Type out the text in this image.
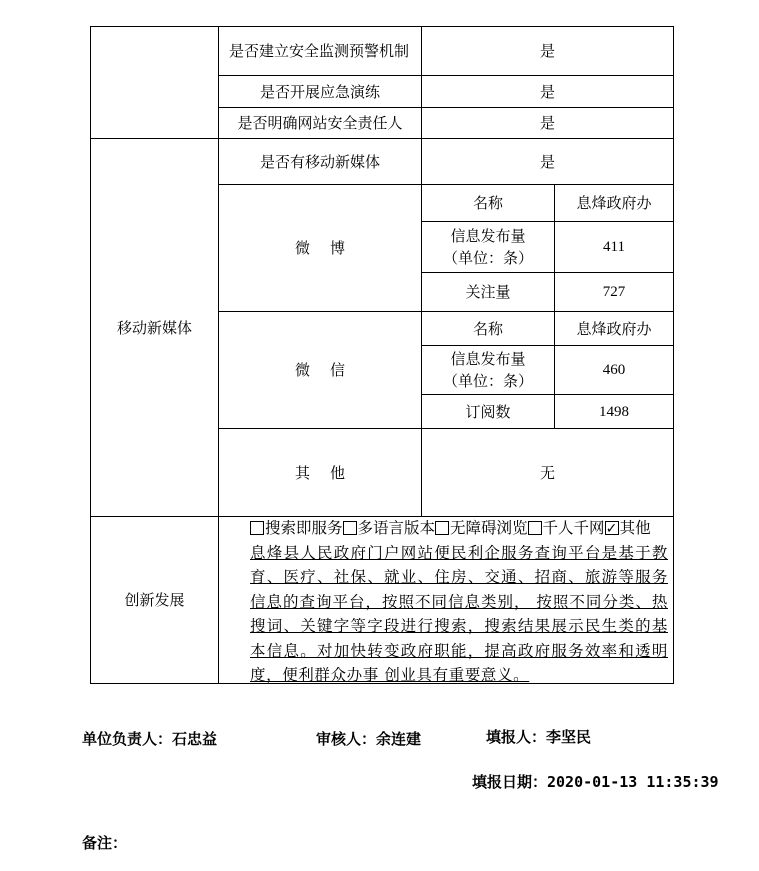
是否建立安全监测预警机制	是
是否开展应急演练	是
是否明确网站安全责任人	是
移动新媒体
是否有移动新媒体	是
微博
名称	息烽政府办
信息发布量
（单位：条）
411
关注量	727
微信
名称	息烽政府办
信息发布量
（单位：条）
460
订阅数	1498
其他	无
创新发展
搜索即服务 多语言版本 无障碍浏览 千人千网✓ 其他
息烽县人民政府门户网站便民利企服务查询平台是基于教育、医疗、社保、就业、住房、交通、招商、旅游等服务信息的查询平台，按照不同信息类别， 按照不同分类、热搜词、关键字等字段进行搜索，搜索结果展示民生类的基本信息。对加快转变政府职能，提高政府服务效率和透明度，便利群众办事 创业具有重要意义。
单位负责人：石忠益	审核人：余连建	填报人：李坚民
填报日期：2020-01-13 11:35:39
备注：
